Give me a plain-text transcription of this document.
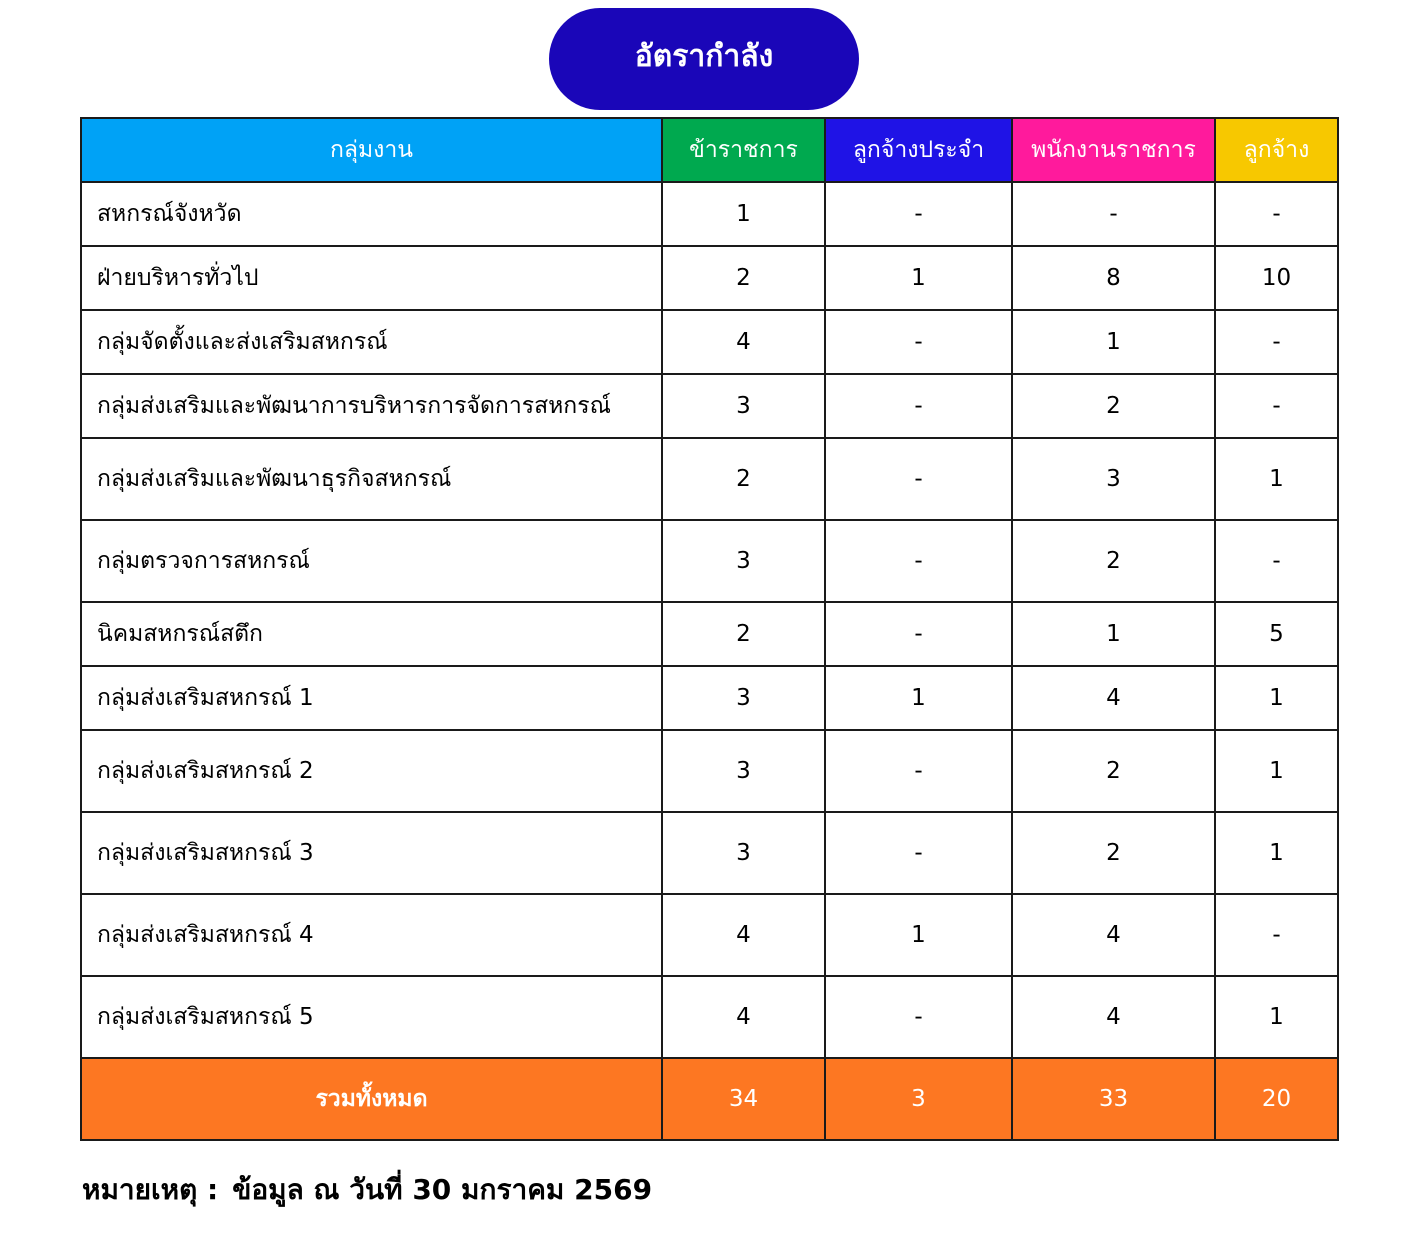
อัตรากำลัง
กลุ่มงาน	ข้าราชการ	ลูกจ้างประจำ	พนักงานราชการ	ลูกจ้าง
สหกรณ์จังหวัด	1	-	-	-
ฝ่ายบริหารทั่วไป	2	1	8	10
กลุ่มจัดตั้งและส่งเสริมสหกรณ์	4	-	1	-
กลุ่มส่งเสริมและพัฒนาการบริหารการจัดการสหกรณ์	3	-	2	-
กลุ่มส่งเสริมและพัฒนาธุรกิจสหกรณ์	2	-	3	1
กลุ่มตรวจการสหกรณ์	3	-	2	-
นิคมสหกรณ์สตึก	2	-	1	5
กลุ่มส่งเสริมสหกรณ์ 1	3	1	4	1
กลุ่มส่งเสริมสหกรณ์ 2	3	-	2	1
กลุ่มส่งเสริมสหกรณ์ 3	3	-	2	1
กลุ่มส่งเสริมสหกรณ์ 4	4	1	4	-
กลุ่มส่งเสริมสหกรณ์ 5	4	-	4	1
รวมทั้งหมด	34	3	33	20
หมายเหตุ : ข้อมูล ณ วันที่ 30 มกราคม 2569
